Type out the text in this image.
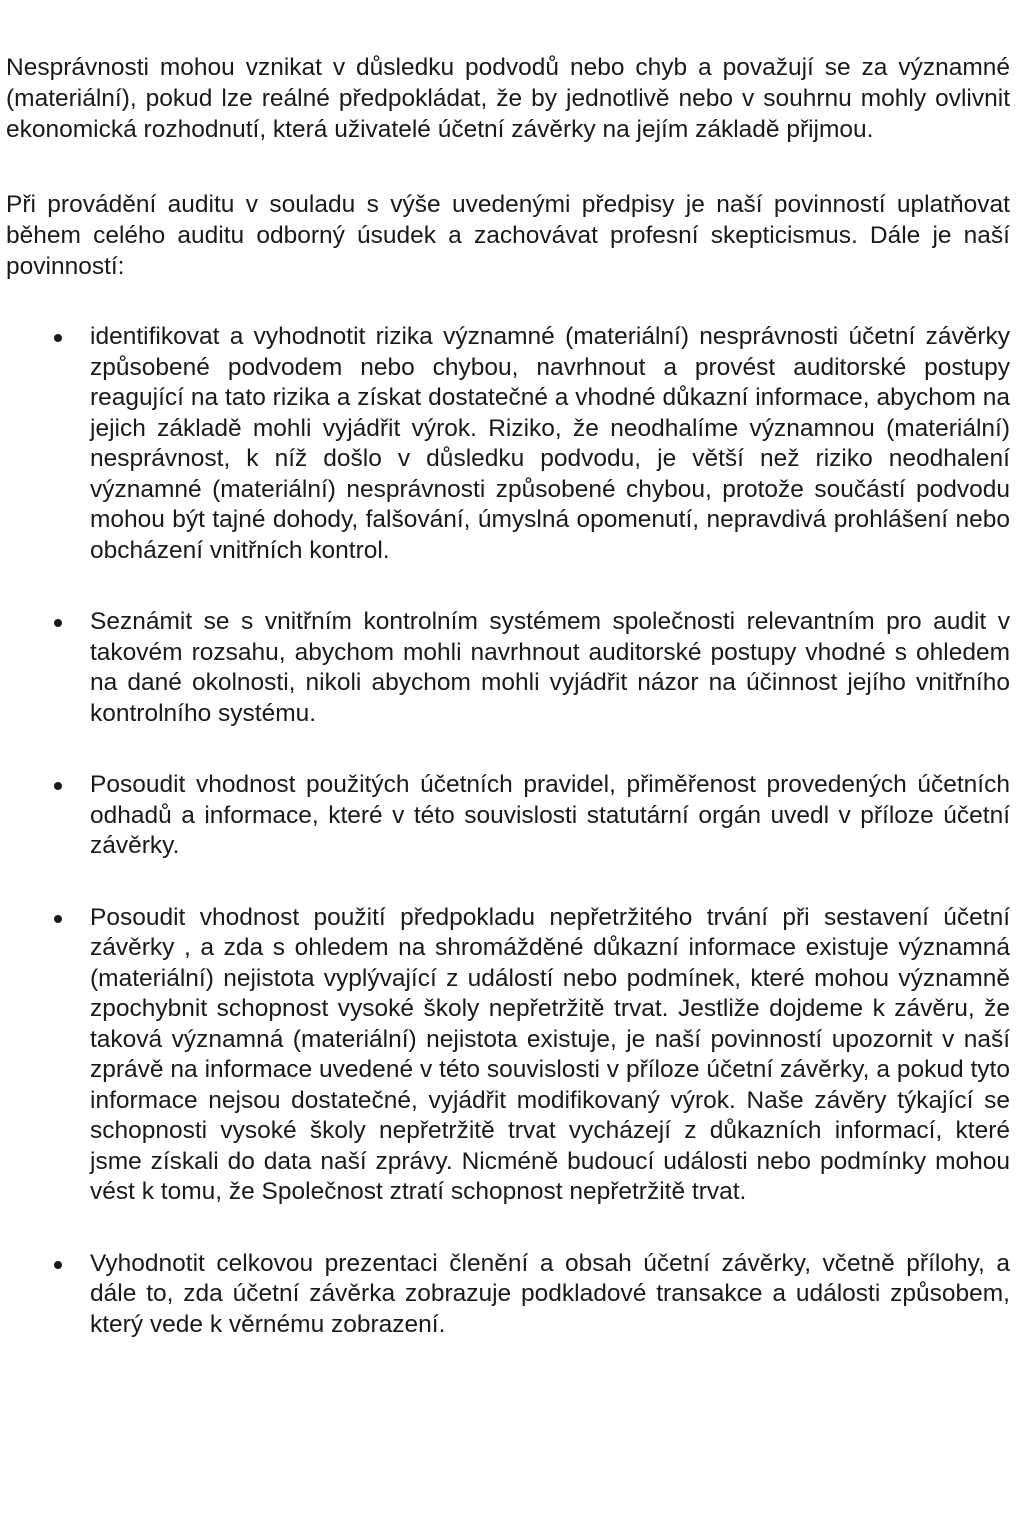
Nesprávnosti mohou vznikat v důsledku podvodů nebo chyb a považují se za významné (materiální), pokud lze reálné předpokládat, že by jednotlivě nebo v souhrnu mohly ovlivnit ekonomická rozhodnutí, která uživatelé účetní závěrky na jejím základě přijmou.

Při provádění auditu v souladu s výše uvedenými předpisy je naší povinností uplatňovat během celého auditu odborný úsudek a zachovávat profesní skepticismus. Dále je naší povinností:

identifikovat a vyhodnotit rizika významné (materiální) nesprávnosti účetní závěrky způsobené podvodem nebo chybou, navrhnout a provést auditorské postupy reagující na tato rizika a získat dostatečné a vhodné důkazní informace, abychom na jejich základě mohli vyjádřit výrok. Riziko, že neodhalíme významnou (materiální) nesprávnost, k níž došlo v důsledku podvodu, je větší než riziko neodhalení významné (materiální) nesprávnosti způsobené chybou, protože součástí podvodu mohou být tajné dohody, falšování, úmyslná opomenutí, nepravdivá prohlášení nebo obcházení vnitřních kontrol.
Seznámit se s vnitřním kontrolním systémem společnosti relevantním pro audit v takovém rozsahu, abychom mohli navrhnout auditorské postupy vhodné s ohledem na dané okolnosti, nikoli abychom mohli vyjádřit názor na účinnost jejího vnitřního kontrolního systému.
Posoudit vhodnost použitých účetních pravidel, přiměřenost provedených účetních odhadů a informace, které v této souvislosti statutární orgán uvedl v příloze účetní závěrky.
Posoudit vhodnost použití předpokladu nepřetržitého trvání při sestavení účetní závěrky , a zda s ohledem na shromážděné důkazní informace existuje významná (materiální) nejistota vyplývající z událostí nebo podmínek, které mohou významně zpochybnit schopnost vysoké školy nepřetržitě trvat. Jestliže dojdeme k závěru, že taková významná (materiální) nejistota existuje, je naší povinností upozornit v naší zprávě na informace uvedené v této souvislosti v příloze účetní závěrky, a pokud tyto informace nejsou dostatečné, vyjádřit modifikovaný výrok. Naše závěry týkající se schopnosti vysoké školy nepřetržitě trvat vycházejí z důkazních informací, které jsme získali do data naší zprávy. Nicméně budoucí události nebo podmínky mohou vést k tomu, že Společnost ztratí schopnost nepřetržitě trvat.
Vyhodnotit celkovou prezentaci členění a obsah účetní závěrky, včetně přílohy, a dále to, zda účetní závěrka zobrazuje podkladové transakce a události způsobem, který vede k věrnému zobrazení.
